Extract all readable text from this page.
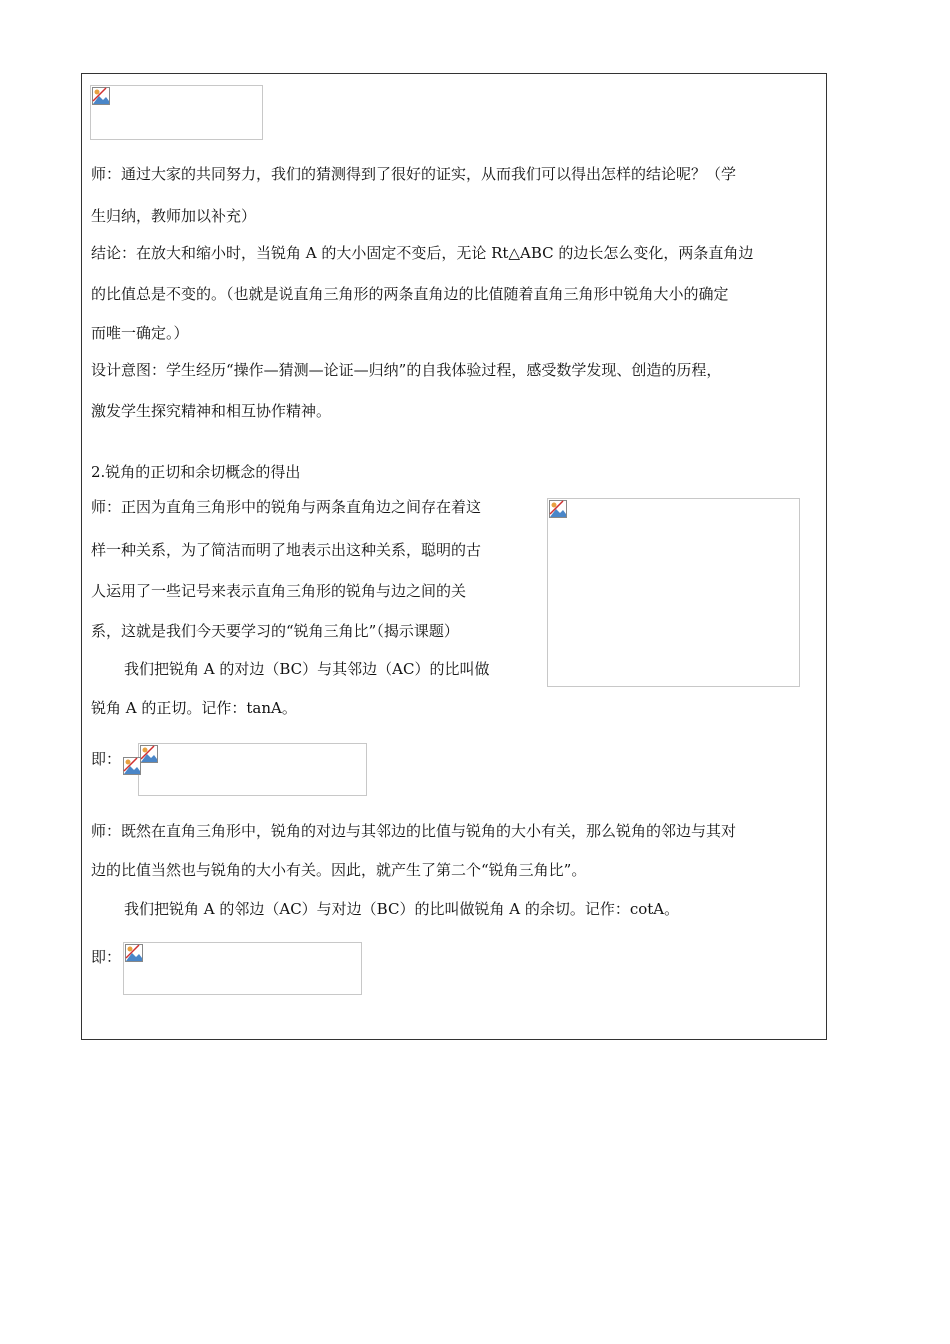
师：通过大家的共同努力，我们的猜测得到了很好的证实，从而我们可以得出怎样的结论呢？（学
生归纳，教师加以补充）
结论：在放大和缩小时，当锐角 A 的大小固定不变后，无论 Rt△ABC 的边长怎么变化，两条直角边
的比值总是不变的。（也就是说直角三角形的两条直角边的比值随着直角三角形中锐角大小的确定
而唯一确定。）
设计意图：学生经历“操作—猜测—论证—归纳”的自我体验过程，感受数学发现、创造的历程，
激发学生探究精神和相互协作精神。
2.锐角的正切和余切概念的得出
师：正因为直角三角形中的锐角与两条直角边之间存在着这
样一种关系，为了简洁而明了地表示出这种关系，聪明的古
人运用了一些记号来表示直角三角形的锐角与边之间的关
系，这就是我们今天要学习的“锐角三角比”（揭示课题）
我们把锐角 A 的对边（BC）与其邻边（AC）的比叫做
锐角 A 的正切。记作：tanA。
即：
师：既然在直角三角形中，锐角的对边与其邻边的比值与锐角的大小有关，那么锐角的邻边与其对
边的比值当然也与锐角的大小有关。因此，就产生了第二个“锐角三角比”。
我们把锐角 A 的邻边（AC）与对边（BC）的比叫做锐角 A 的余切。记作：cotA。
即：
